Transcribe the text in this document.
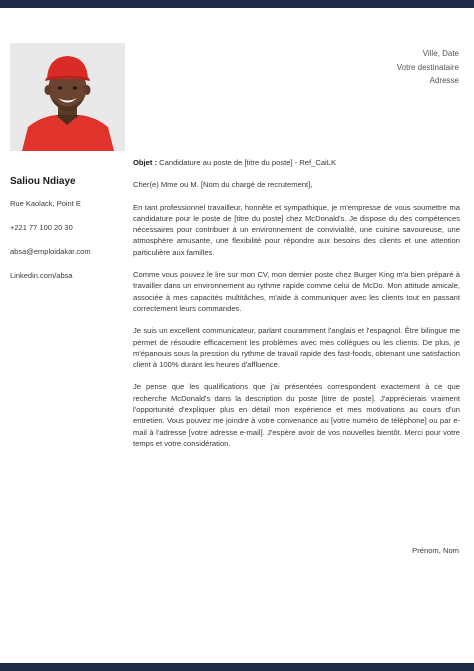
Saliou Ndiaye
Rue Kaolack, Point E
+221 77 100 20 30
absa@emploidakar.com
Linkedin.com/absa
Ville, Date
Votre destinataire
Adresse

Objet : Candidature au poste de [titre du poste] - Ref_CaiLK

Cher(e) Mme ou M. [Nom du chargé de recrutement],

En tant professionnel travailleur, honnête et sympathique, je m'empresse de vous soumettre ma candidature pour le poste de [titre du poste] chez McDonald's. Je dispose du des compétences nécessaires pour contribuer à un environnement de convivialité, une cuisine savoureuse, une atmosphère amusante, une flexibilité pour répondre aux besoins des clients et une attention particulière aux familles.

Comme vous pouvez le lire sur mon CV, mon dernier poste chez Burger King m'a bien préparé à travailler dans un environnement au rythme rapide comme celui de McDo. Mon attitude amicale, associée à mes capacités multitâches, m'aide à communiquer avec les clients tout en passant correctement leurs commandes.

Je suis un excellent communicateur, parlant couramment l'anglais et l'espagnol. Être bilingue me permet de résoudre efficacement les problèmes avec mes collègues ou les clients. De plus, je m'épanouis sous la pression du rythme de travail rapide des fast-foods, obtenant une satisfaction client à 100% durant les heures d'affluence.

Je pense que les qualifications que j'ai présentées correspondent exactement à ce que recherche McDonald's dans la description du poste [titre de poste]. J'apprécierais vraiment l'opportunité d'expliquer plus en détail mon expérience et mes motivations au cours d'un entretien. Vous pouvez me joindre à votre convenance au [votre numéro de téléphone] ou par e-mail à l'adresse [votre adresse e-mail]. J'espère avoir de vos nouvelles bientôt. Merci pour votre temps et votre considération.

Prénom, Nom
